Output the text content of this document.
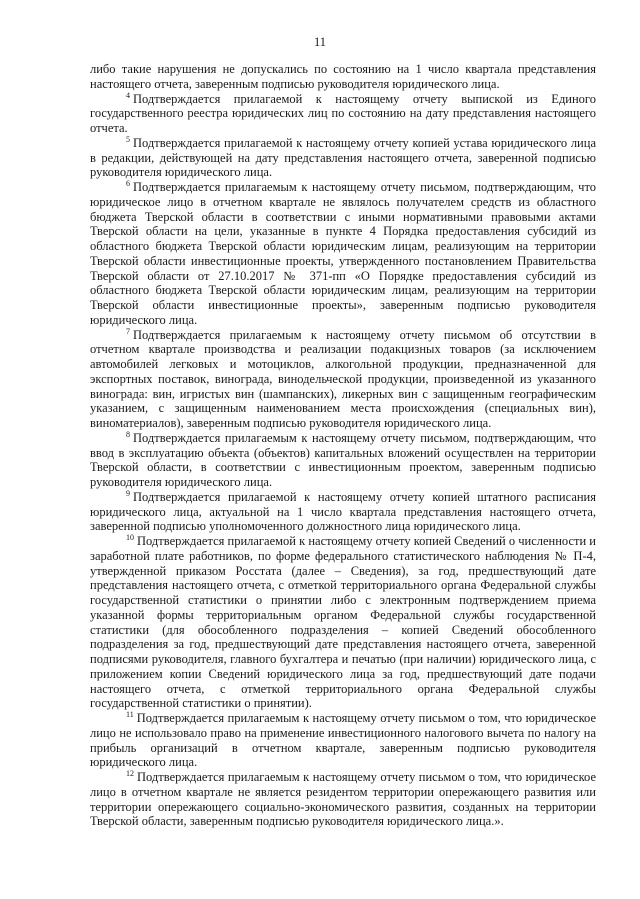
11

либо такие нарушения не допускались по состоянию на 1 число квартала представления настоящего отчета, заверенным подписью руководителя юридического лица.

$^4$ Подтверждается прилагаемой к настоящему отчету выпиской из Единого государственного реестра юридических лиц по состоянию на дату представления настоящего отчета.

$^5$ Подтверждается прилагаемой к настоящему отчету копией устава юридического лица в редакции, действующей на дату представления настоящего отчета, заверенной подписью руководителя юридического лица.

$^6$ Подтверждается прилагаемым к настоящему отчету письмом, подтверждающим, что юридическое лицо в отчетном квартале не являлось получателем средств из областного бюджета Тверской области в соответствии с иными нормативными правовыми актами Тверской области на цели, указанные в пункте 4 Порядка предоставления субсидий из областного бюджета Тверской области юридическим лицам, реализующим на территории Тверской области инвестиционные проекты, утвержденного постановлением Правительства Тверской области от 27.10.2017 № 371-пп «О Порядке предоставления субсидий из областного бюджета Тверской области юридическим лицам, реализующим на территории Тверской области инвестиционные проекты», заверенным подписью руководителя юридического лица.

$^7$ Подтверждается прилагаемым к настоящему отчету письмом об отсутствии в отчетном квартале производства и реализации подакцизных товаров (за исключением автомобилей легковых и мотоциклов, алкогольной продукции, предназначенной для экспортных поставок, винограда, винодельческой продукции, произведенной из указанного винограда: вин, игристых вин (шампанских), ликерных вин с защищенным географическим указанием, с защищенным наименованием места происхождения (специальных вин), виноматериалов), заверенным подписью руководителя юридического лица.

$^8$ Подтверждается прилагаемым к настоящему отчету письмом, подтверждающим, что ввод в эксплуатацию объекта (объектов) капитальных вложений осуществлен на территории Тверской области, в соответствии с инвестиционным проектом, заверенным подписью руководителя юридического лица.

$^9$ Подтверждается прилагаемой к настоящему отчету копией штатного расписания юридического лица, актуальной на 1 число квартала представления настоящего отчета, заверенной подписью уполномоченного должностного лица юридического лица.

$^{10}$ Подтверждается прилагаемой к настоящему отчету копией Сведений о численности и заработной плате работников, по форме федерального статистического наблюдения № П-4, утвержденной приказом Росстата (далее – Сведения), за год, предшествующий дате представления настоящего отчета, с отметкой территориального органа Федеральной службы государственной статистики о принятии либо с электронным подтверждением приема указанной формы территориальным органом Федеральной службы государственной статистики (для обособленного подразделения – копией Сведений обособленного подразделения за год, предшествующий дате представления настоящего отчета, заверенной подписями руководителя, главного бухгалтера и печатью (при наличии) юридического лица, с приложением копии Сведений юридического лица за год, предшествующий дате подачи настоящего отчета, с отметкой территориального органа Федеральной службы государственной статистики о принятии).

$^{11}$ Подтверждается прилагаемым к настоящему отчету письмом о том, что юридическое лицо не использовало право на применение инвестиционного налогового вычета по налогу на прибыль организаций в отчетном квартале, заверенным подписью руководителя юридического лица.

$^{12}$ Подтверждается прилагаемым к настоящему отчету письмом о том, что юридическое лицо в отчетном квартале не является резидентом территории опережающего развития или территории опережающего социально-экономического развития, созданных на территории Тверской области, заверенным подписью руководителя юридического лица.».
